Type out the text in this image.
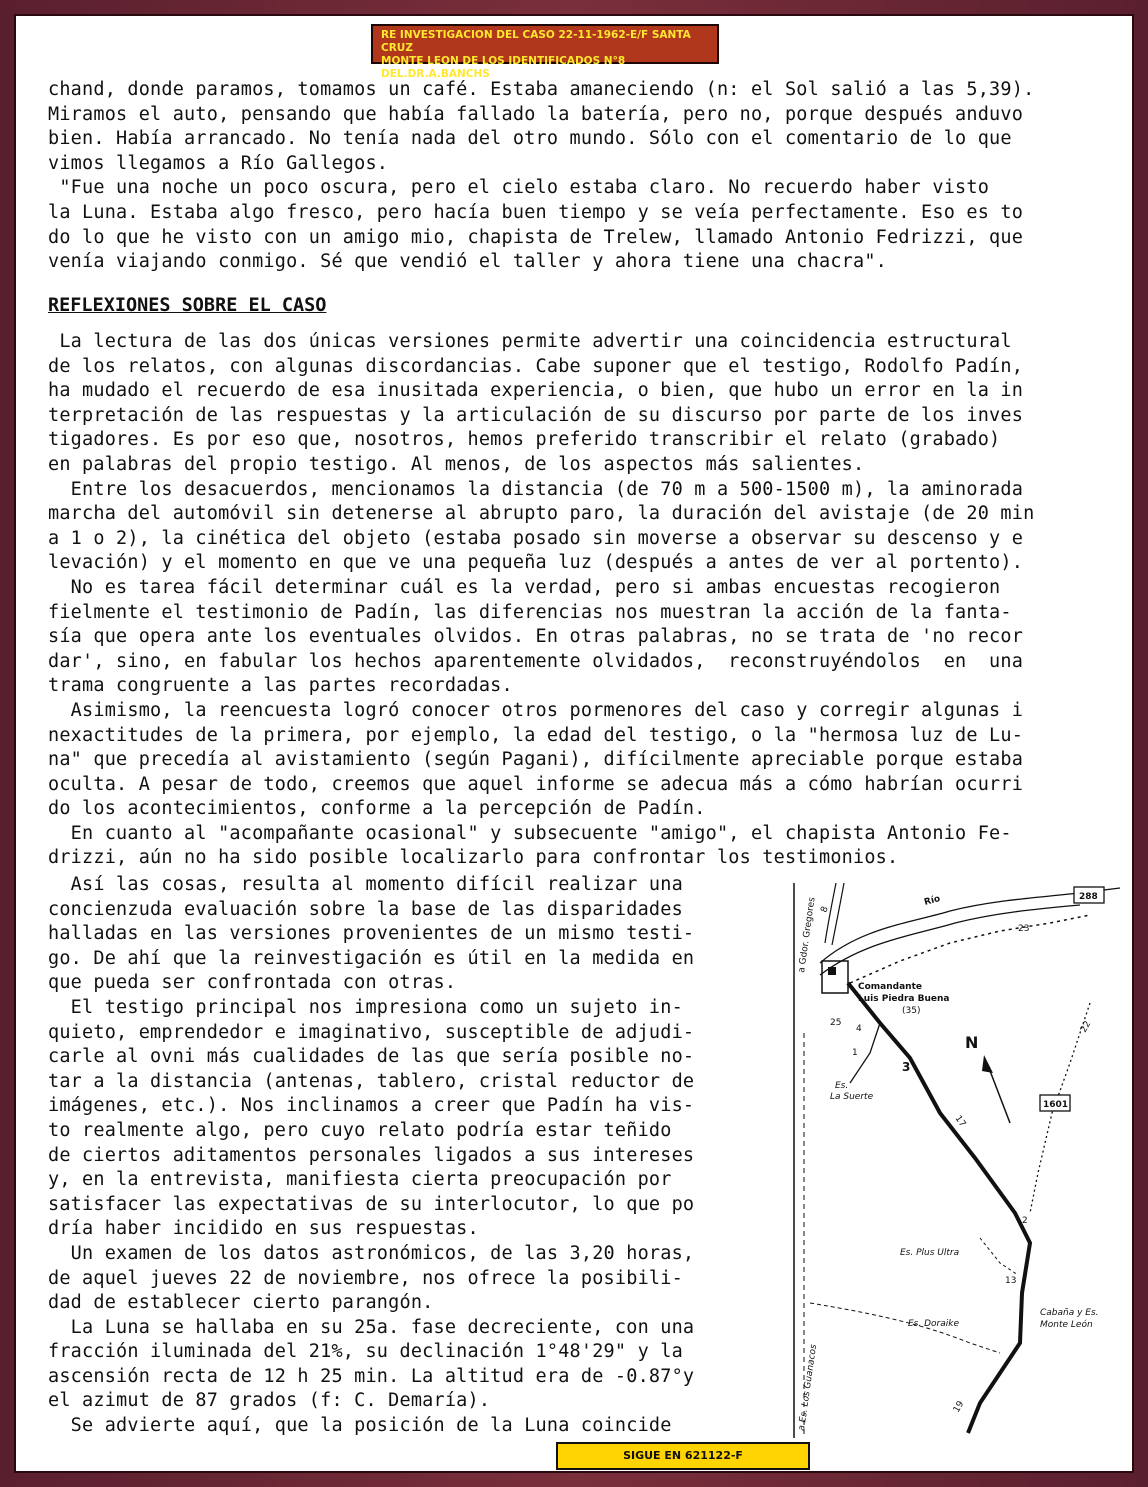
RE INVESTIGACION DEL CASO 22-11-1962-E/F SANTA CRUZ
MONTE LEON DE LOS IDENTIFICADOS N°8 DEL.DR.A.BANCHS
chand, donde paramos, tomamos un café. Estaba amaneciendo (n: el Sol salió a las 5,39).
Miramos el auto, pensando que había fallado la batería, pero no, porque después anduvo
bien. Había arrancado. No tenía nada del otro mundo. Sólo con el comentario de lo que
vimos llegamos a Río Gallegos.
"Fue una noche un poco oscura, pero el cielo estaba claro. No recuerdo haber visto
la Luna. Estaba algo fresco, pero hacía buen tiempo y se veía perfectamente. Eso es to
do lo que he visto con un amigo mio, chapista de Trelew, llamado Antonio Fedrizzi, que
venía viajando conmigo. Sé que vendió el taller y ahora tiene una chacra".
REFLEXIONES SOBRE EL CASO
La lectura de las dos únicas versiones permite advertir una coincidencia estructural
de los relatos, con algunas discordancias. Cabe suponer que el testigo, Rodolfo Padín,
ha mudado el recuerdo de esa inusitada experiencia, o bien, que hubo un error en la in
terpretación de las respuestas y la articulación de su discurso por parte de los inves
tigadores. Es por eso que, nosotros, hemos preferido transcribir el relato (grabado)
en palabras del propio testigo. Al menos, de los aspectos más salientes.
Entre los desacuerdos, mencionamos la distancia (de 70 m a 500-1500 m), la aminorada
marcha del automóvil sin detenerse al abrupto paro, la duración del avistaje (de 20 min
a 1 o 2), la cinética del objeto (estaba posado sin moverse a observar su descenso y e
levación) y el momento en que ve una pequeña luz (después a antes de ver al portento).
No es tarea fácil determinar cuál es la verdad, pero si ambas encuestas recogieron
fielmente el testimonio de Padín, las diferencias nos muestran la acción de la fanta-
sía que opera ante los eventuales olvidos. En otras palabras, no se trata de 'no recor
dar', sino, en fabular los hechos aparentemente olvidados,  reconstruyéndolos  en  una
trama congruente a las partes recordadas.
Asimismo, la reencuesta logró conocer otros pormenores del caso y corregir algunas i
nexactitudes de la primera, por ejemplo, la edad del testigo, o la "hermosa luz de Lu-
na" que precedía al avistamiento (según Pagani), difícilmente apreciable porque estaba
oculta. A pesar de todo, creemos que aquel informe se adecua más a cómo habrían ocurri
do los acontecimientos, conforme a la percepción de Padín.
En cuanto al "acompañante ocasional" y subsecuente "amigo", el chapista Antonio Fe-
drizzi, aún no ha sido posible localizarlo para confrontar los testimonios.
Así las cosas, resulta al momento difícil realizar una
concienzuda evaluación sobre la base de las disparidades
halladas en las versiones provenientes de un mismo testi-
go. De ahí que la reinvestigación es útil en la medida en
que pueda ser confrontada con otras.
El testigo principal nos impresiona como un sujeto in-
quieto, emprendedor e imaginativo, susceptible de adjudi-
carle al ovni más cualidades de las que sería posible no-
tar a la distancia (antenas, tablero, cristal reductor de
imágenes, etc.). Nos inclinamos a creer que Padín ha vis-
to realmente algo, pero cuyo relato podría estar teñido
de ciertos aditamentos personales ligados a sus intereses
y, en la entrevista, manifiesta cierta preocupación por
satisfacer las expectativas de su interlocutor, lo que po
dría haber incidido en sus respuestas.
Un examen de los datos astronómicos, de las 3,20 horas,
de aquel jueves 22 de noviembre, nos ofrece la posibili-
dad de establecer cierto parangón.
La Luna se hallaba en su 25a. fase decreciente, con una
fracción iluminada del 21%, su declinación 1°48'29" y la
ascensión recta de 12 h 25 min. La altitud era de -0.87°y
el azimut de 87 grados (f: C. Demaría).
Se advierte aquí, que la posición de la Luna coincide
Río
a Gdor. Gregores
Comandante
Luis Piedra Buena
(35)
288
1601
Es.
La Suerte
Es. Plus Ultra
Es. Doraike
Cabaña y Es.
Monte León
a Es. Los Guanacos
N
23
22
17
3
1
4
2
19
8
13
25
SIGUE EN 621122-F
